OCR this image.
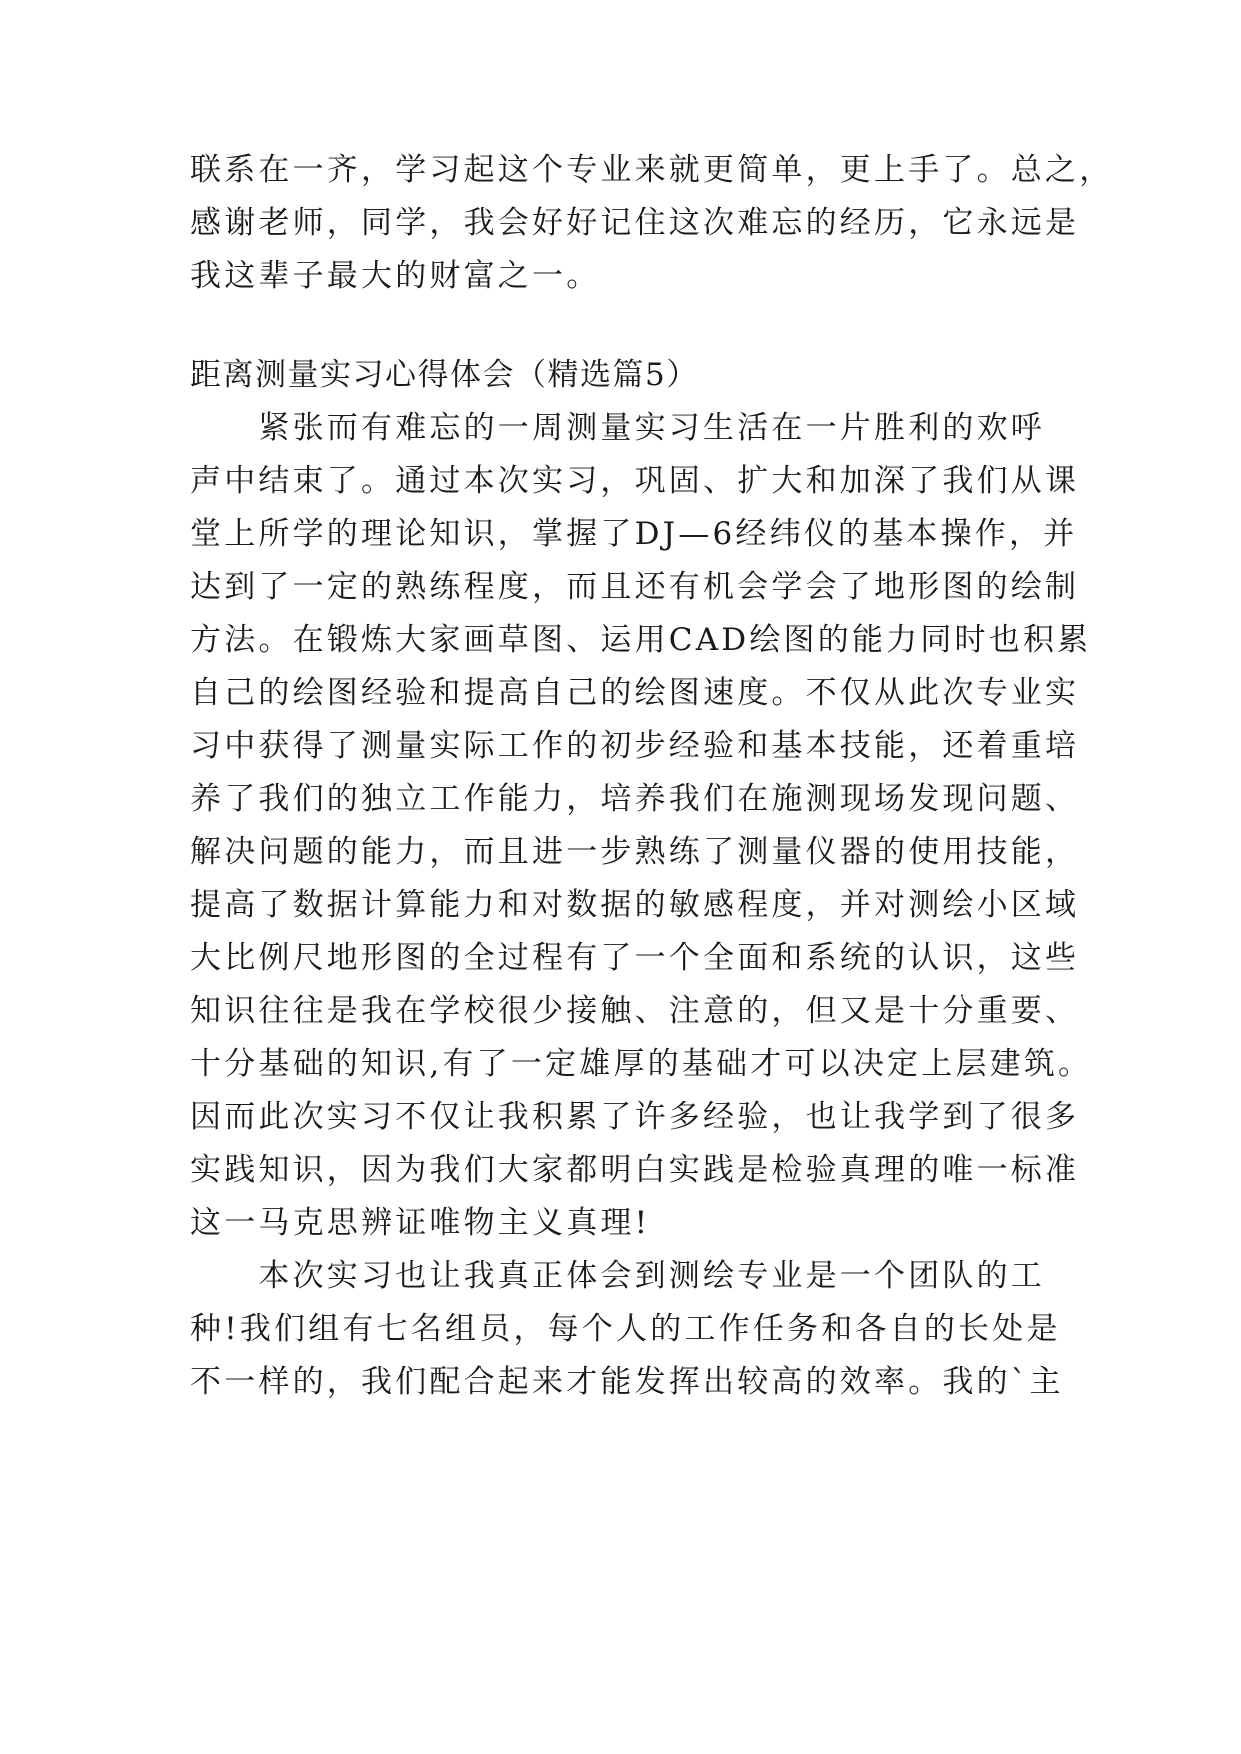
联系在一齐，学习起这个专业来就更简单，更上手了。总之，

感谢老师，同学，我会好好记住这次难忘的经历，它永远是

我这辈子最大的财富之一。

距离测量实习心得体会（精选篇5）

　　紧张而有难忘的一周测量实习生活在一片胜利的欢呼

声中结束了。通过本次实习，巩固、扩大和加深了我们从课

堂上所学的理论知识，掌握了DJ—6经纬仪的基本操作，并

达到了一定的熟练程度，而且还有机会学会了地形图的绘制

方法。在锻炼大家画草图、运用CAD绘图的能力同时也积累

自己的绘图经验和提高自己的绘图速度。不仅从此次专业实

习中获得了测量实际工作的初步经验和基本技能，还着重培

养了我们的独立工作能力，培养我们在施测现场发现问题、

解决问题的能力，而且进一步熟练了测量仪器的使用技能，

提高了数据计算能力和对数据的敏感程度，并对测绘小区域

大比例尺地形图的全过程有了一个全面和系统的认识，这些

知识往往是我在学校很少接触、注意的，但又是十分重要、

十分基础的知识,有了一定雄厚的基础才可以决定上层建筑。

因而此次实习不仅让我积累了许多经验，也让我学到了很多

实践知识，因为我们大家都明白实践是检验真理的唯一标准

这一马克思辨证唯物主义真理!

　　本次实习也让我真正体会到测绘专业是一个团队的工

种!我们组有七名组员，每个人的工作任务和各自的长处是

不一样的，我们配合起来才能发挥出较高的效率。我的`主
